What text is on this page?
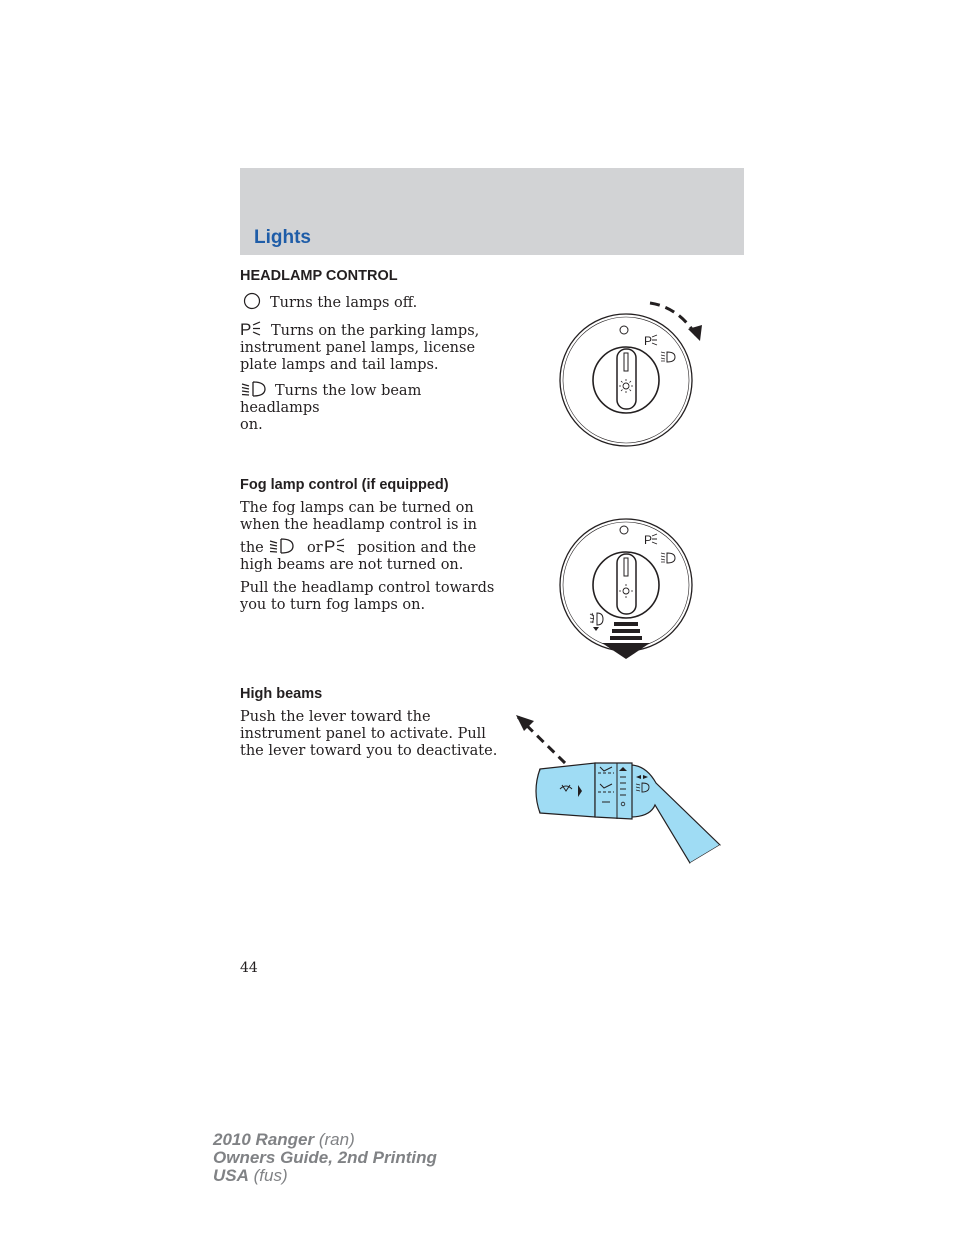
Lights
HEADLAMP CONTROL

Turns the lamps off.

P Turns on the parking lamps,
instrument panel lamps, license
plate lamps and tail lamps.

Turns the low beam headlamps
on.

P
Fog lamp control (if equipped)

The fog lamps can be turned on
when the headlamp control is in
the	or P position and the
high beams are not turned on.

Pull the headlamp control towards
you to turn fog lamps on.

P
High beams

Push the lever toward the
instrument panel to activate. Pull
the lever toward you to deactivate.

44
2010 Ranger (ran)
Owners Guide, 2nd Printing
USA (fus)
